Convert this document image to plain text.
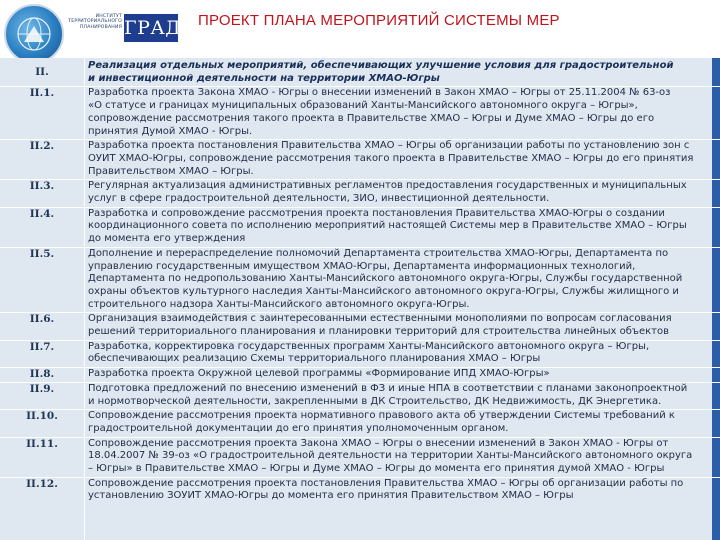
ИНСТИТУТ
ТЕРРИТОРИАЛЬНОГО
ПЛАНИРОВАНИЯ ГРАД ПРОЕКТ ПЛАНА МЕРОПРИЯТИЙ СИСТЕМЫ МЕР
II.
Реализация отдельных мероприятий, обеспечивающих улучшение условия для градостроительной
и инвестиционной деятельности на территории ХМАО-Югры
II.1.	Разработка проекта Закона ХМАО - Югры о внесении изменений в Закон ХМАО – Югры от 25.11.2004 № 63-оз
«О статусе и границах муниципальных образований Ханты-Мансийского автономного округа – Югры»,
сопровождение рассмотрения такого проекта в Правительстве ХМАО – Югры и Думе ХМАО – Югры до его
принятия Думой ХМАО - Югры.
II.2.	Разработка проекта постановления Правительства ХМАО – Югры об организации работы по установлению зон с
ОУИТ ХМАО-Югры, сопровождение рассмотрения такого проекта в Правительстве ХМАО – Югры до его принятия
Правительством ХМАО – Югры.
II.3.	Регулярная актуализация административных регламентов предоставления государственных и муниципальных
услуг в сфере градостроительной деятельности, ЗИО, инвестиционной деятельности.
II.4.	Разработка и сопровождение рассмотрения проекта постановления Правительства ХМАО-Югры о создании
координационного совета по исполнению мероприятий настоящей Системы мер в Правительстве ХМАО – Югры
до момента его утверждения
II.5.	Дополнение и перераспределение полномочий Департамента строительства ХМАО-Югры, Департамента по
управлению государственным имуществом ХМАО-Югры, Департамента информационных технологий,
Департамента по недропользованию Ханты-Мансийского автономного округа-Югры, Службы государственной
охраны объектов культурного наследия Ханты-Мансийского автономного округа-Югры, Службы жилищного и
строительного надзора Ханты-Мансийского автономного округа-Югры.
II.6.	Организация взаимодействия с заинтересованными естественными монополиями по вопросам согласования
решений территориального планирования и планировки территорий для строительства линейных объектов
II.7.	Разработка, корректировка государственных программ Ханты-Мансийского автономного округа – Югры,
обеспечивающих реализацию Схемы территориального планирования ХМАО – Югры
II.8.	Разработка проекта Окружной целевой программы «Формирование ИПД ХМАО-Югры»
II.9.	Подготовка предложений по внесению изменений в ФЗ и иные НПА в соответствии с планами законопроектной
и нормотворческой деятельности, закрепленными в ДК Строительство, ДК Недвижимость, ДК Энергетика.
II.10.	Сопровождение рассмотрения проекта нормативного правового акта об утверждении Системы требований к
градостроительной документации до его принятия уполномоченным органом.
II.11.	Сопровождение рассмотрения проекта Закона ХМАО – Югры о внесении изменений в Закон ХМАО - Югры от
18.04.2007 № 39-оз «О градостроительной деятельности на территории Ханты-Мансийского автономного округа
– Югры» в Правительстве ХМАО – Югры и Думе ХМАО – Югры до момента его принятия думой ХМАО - Югры
II.12.	Сопровождение рассмотрения проекта постановления Правительства ХМАО – Югры об организации работы по
установлению ЗОУИТ ХМАО-Югры до момента его принятия Правительством ХМАО – Югры
